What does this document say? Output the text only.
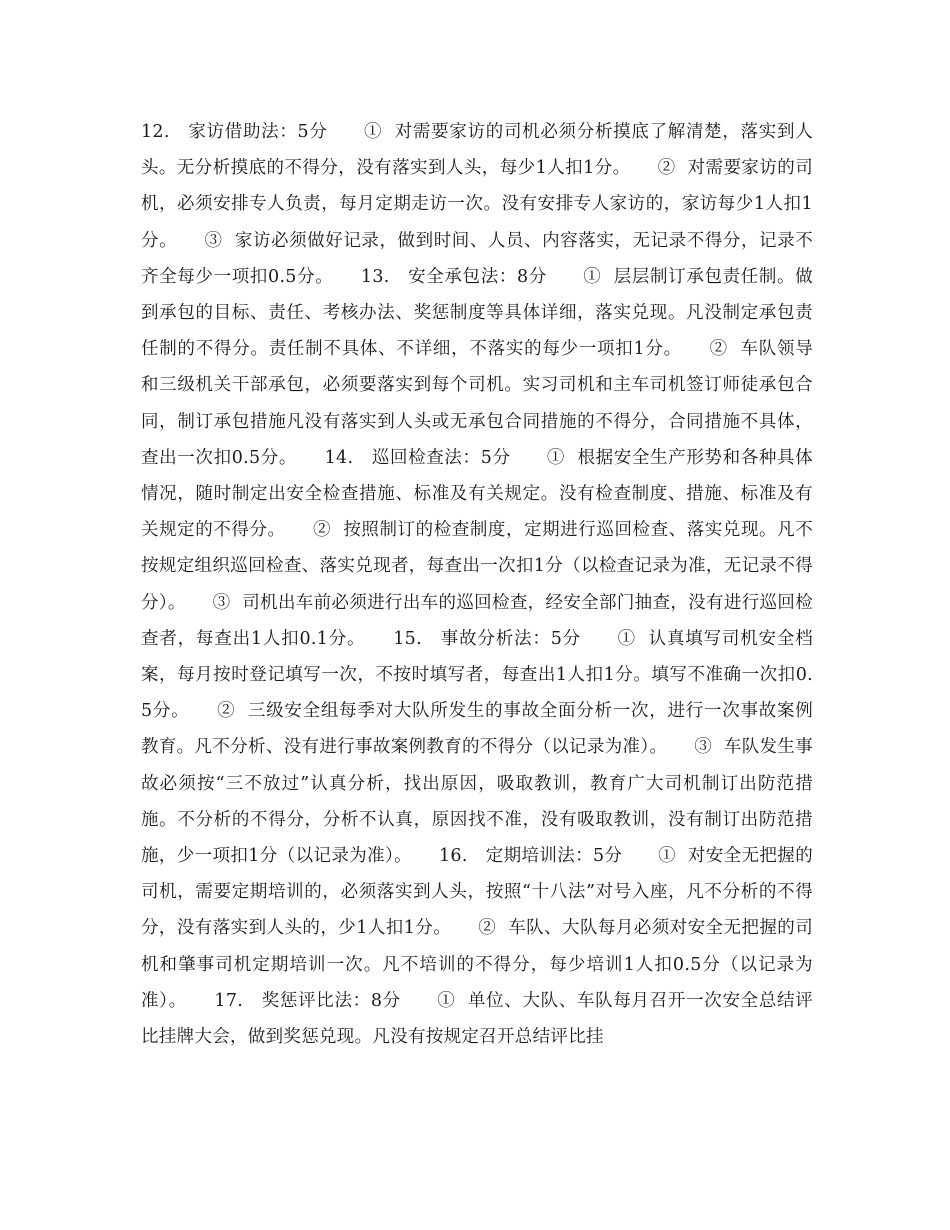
12.　家访借助法：5分　　①  对需要家访的司机必须分析摸底了解清楚，落实到人头。无分析摸底的不得分，没有落实到人头，每少1人扣1分。　　②  对需要家访的司机，必须安排专人负责，每月定期走访一次。没有安排专人家访的，家访每少1人扣1分。　　③  家访必须做好记录，做到时间、人员、内容落实，无记录不得分，记录不齐全每少一项扣0.5分。　　13.　安全承包法：8分　　①  层层制订承包责任制。做到承包的目标、责任、考核办法、奖惩制度等具体详细，落实兑现。凡没制定承包责任制的不得分。责任制不具体、不详细，不落实的每少一项扣1分。　　②  车队领导和三级机关干部承包，必须要落实到每个司机。实习司机和主车司机签订师徒承包合同，制订承包措施凡没有落实到人头或无承包合同措施的不得分，合同措施不具体，查出一次扣0.5分。　　14.　巡回检查法：5分　　①  根据安全生产形势和各种具体情况，随时制定出安全检查措施、标准及有关规定。没有检查制度、措施、标准及有关规定的不得分。　　②  按照制订的检查制度，定期进行巡回检查、落实兑现。凡不按规定组织巡回检查、落实兑现者，每查出一次扣1分（以检查记录为准，无记录不得分）。　　③  司机出车前必须进行出车的巡回检查，经安全部门抽查，没有进行巡回检查者，每查出1人扣0.1分。　　15.　事故分析法：5分　　①  认真填写司机安全档案，每月按时登记填写一次，不按时填写者，每查出1人扣1分。填写不准确一次扣0.5分。　　②  三级安全组每季对大队所发生的事故全面分析一次，进行一次事故案例教育。凡不分析、没有进行事故案例教育的不得分（以记录为准）。　　③  车队发生事故必须按“三不放过”认真分析，找出原因，吸取教训，教育广大司机制订出防范措施。不分析的不得分，分析不认真，原因找不准，没有吸取教训，没有制订出防范措施，少一项扣1分（以记录为准）。　　16.　定期培训法：5分　　①  对安全无把握的司机，需要定期培训的，必须落实到人头，按照“十八法”对号入座，凡不分析的不得分，没有落实到人头的，少1人扣1分。　　②  车队、大队每月必须对安全无把握的司机和肇事司机定期培训一次。凡不培训的不得分，每少培训1人扣0.5分（以记录为准）。　　17.　奖惩评比法：8分　　①  单位、大队、车队每月召开一次安全总结评比挂牌大会，做到奖惩兑现。凡没有按规定召开总结评比挂
